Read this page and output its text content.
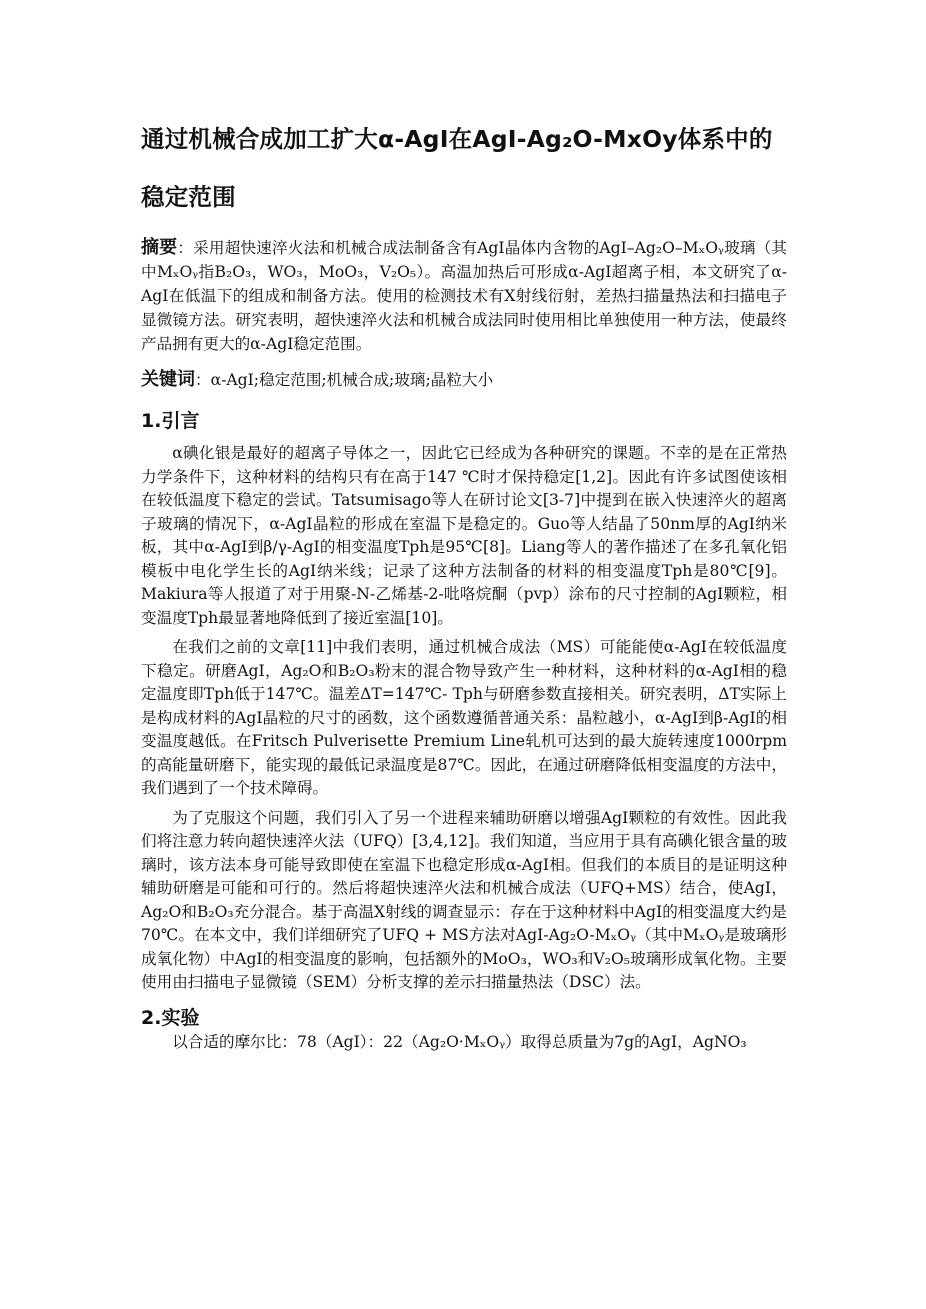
通过机械合成加工扩大α-AgI在AgI-Ag₂O-MxOy体系中的稳定范围

摘要：采用超快速淬火法和机械合成法制备含有AgI晶体内含物的AgI–Ag₂O–MₓOᵧ玻璃（其中MₓOᵧ指B₂O₃，WO₃，MoO₃，V₂O₅）。高温加热后可形成α-AgI超离子相，本文研究了α-AgI在低温下的组成和制备方法。使用的检测技术有X射线衍射，差热扫描量热法和扫描电子显微镜方法。研究表明，超快速淬火法和机械合成法同时使用相比单独使用一种方法，使最终产品拥有更大的α-AgI稳定范围。

关键词：α-AgI;稳定范围;机械合成;玻璃;晶粒大小

1.引言

α碘化银是最好的超离子导体之一，因此它已经成为各种研究的课题。不幸的是在正常热力学条件下，这种材料的结构只有在高于147 ℃时才保持稳定[1,2]。因此有许多试图使该相在较低温度下稳定的尝试。Tatsumisago等人在研讨论文[3-7]中提到在嵌入快速淬火的超离子玻璃的情况下，α-AgI晶粒的形成在室温下是稳定的。Guo等人结晶了50nm厚的AgI纳米板，其中α-AgI到β/γ-AgI的相变温度Tph是95℃[8]。Liang等人的著作描述了在多孔氧化铝模板中电化学生长的AgI纳米线；记录了这种方法制备的材料的相变温度Tph是80℃[9]。Makiura等人报道了对于用聚-N-乙烯基-2-吡咯烷酮（pvp）涂布的尺寸控制的AgI颗粒，相变温度Tph最显著地降低到了接近室温[10]。

在我们之前的文章[11]中我们表明，通过机械合成法（MS）可能能使α-AgI在较低温度下稳定。研磨AgI，Ag₂O和B₂O₃粉末的混合物导致产生一种材料，这种材料的α-AgI相的稳定温度即Tph低于147℃。温差ΔT=147℃- Tph与研磨参数直接相关。研究表明，ΔT实际上是构成材料的AgI晶粒的尺寸的函数，这个函数遵循普通关系：晶粒越小，α-AgI到β-AgI的相变温度越低。在Fritsch Pulverisette Premium Line轧机可达到的最大旋转速度1000rpm的高能量研磨下，能实现的最低记录温度是87℃。因此，在通过研磨降低相变温度的方法中，我们遇到了一个技术障碍。

为了克服这个问题，我们引入了另一个进程来辅助研磨以增强AgI颗粒的有效性。因此我们将注意力转向超快速淬火法（UFQ）[3,4,12]。我们知道，当应用于具有高碘化银含量的玻璃时，该方法本身可能导致即使在室温下也稳定形成α-AgI相。但我们的本质目的是证明这种辅助研磨是可能和可行的。然后将超快速淬火法和机械合成法（UFQ+MS）结合，使AgI，Ag₂O和B₂O₃充分混合。基于高温X射线的调查显示：存在于这种材料中AgI的相变温度大约是70℃。在本文中，我们详细研究了UFQ + MS方法对AgI-Ag₂O-MₓOᵧ（其中MₓOᵧ是玻璃形成氧化物）中AgI的相变温度的影响，包括额外的MoO₃，WO₃和V₂O₅玻璃形成氧化物。主要使用由扫描电子显微镜（SEM）分析支撑的差示扫描量热法（DSC）法。

2.实验

以合适的摩尔比：78（AgI）：22（Ag₂O·MₓOᵧ）取得总质量为7g的AgI，AgNO₃
